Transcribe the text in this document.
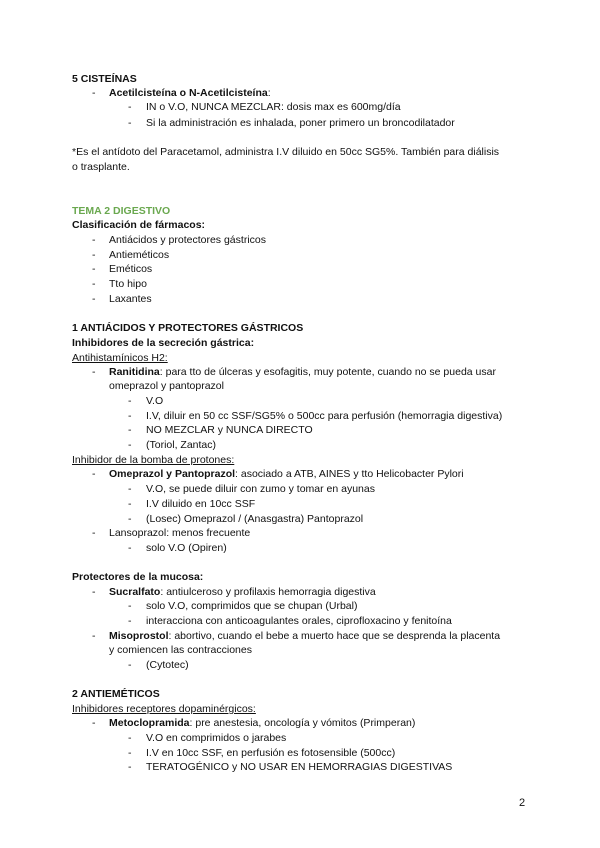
5 CISTEÍNAS
- Acetilcisteína o N-Acetilcisteína:
- IN o V.O, NUNCA MEZCLAR: dosis max es 600mg/día
- Si la administración es inhalada, poner primero un broncodilatador
*Es el antídoto del Paracetamol, administra I.V diluido en 50cc SG5%. También para diálisis
o trasplante.
TEMA 2 DIGESTIVO
Clasificación de fármacos:
- Antiácidos y protectores gástricos
- Antieméticos
- Eméticos
- Tto hipo
- Laxantes
1 ANTIÁCIDOS Y PROTECTORES GÁSTRICOS
Inhibidores de la secreción gástrica:
Antihistamínicos H2:
- Ranitidina: para tto de úlceras y esofagitis, muy potente, cuando no se pueda usar
omeprazol y pantoprazol
- V.O
- I.V, diluir en 50 cc SSF/SG5% o 500cc para perfusión (hemorragia digestiva)
- NO MEZCLAR y NUNCA DIRECTO
- (Toriol, Zantac)
Inhibidor de la bomba de protones:
- Omeprazol y Pantoprazol: asociado a ATB, AINES y tto Helicobacter Pylori
- V.O, se puede diluir con zumo y tomar en ayunas
- I.V diluido en 10cc SSF
- (Losec) Omeprazol / (Anasgastra) Pantoprazol
- Lansoprazol: menos frecuente
- solo V.O (Opiren)
Protectores de la mucosa:
- Sucralfato: antiulceroso y profilaxis hemorragia digestiva
- solo V.O, comprimidos que se chupan (Urbal)
- interacciona con anticoagulantes orales, ciprofloxacino y fenitoína
- Misoprostol: abortivo, cuando el bebe a muerto hace que se desprenda la placenta
y comiencen las contracciones
- (Cytotec)
2 ANTIEMÉTICOS
Inhibidores receptores dopaminérgicos:
- Metoclopramida: pre anestesia, oncología y vómitos (Primperan)
- V.O en comprimidos o jarabes
- I.V en 10cc SSF, en perfusión es fotosensible (500cc)
- TERATOGÉNICO y NO USAR EN HEMORRAGIAS DIGESTIVAS
2
